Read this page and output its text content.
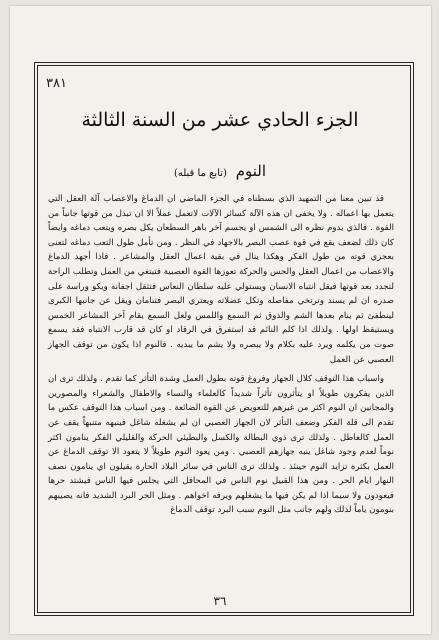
٣٨١
الجزء الحادي عشر من السنة الثالثة
النوم (تابع ما قبله)

قد تبين معنا من التمهيد الذي بسطناه في الجزء الماضي ان الدماغ والاعصاب آلة العقل التي يتعمل بها اعماله . ولا يخفى ان هذه الآلة كسائر الآلات لاتعمل عملاً الا ان تبذل من قوتها جانباً من القوة . فالذي يدوم نظره الى الشمس او يجسم آخر باهر السطعان يكل بصره ويتعب دماغه وايضاً كان ذلك لضعف يقع في قوة عصب البصر بالاجهاد في النظر . ومن تأمل طول التعب دماغه لتعنى بعجزي قوته من طول الفكر وهكذا ينال في بقية اعمال العقل والمشاعر . فاذا أجهد الدماغ والاعصاب من اعمال العقل والحس والحركة تعوزها القوة العصبية فتبتغي من العمل وتطلب الراحة لتجدد بعد قوتها فيقل انتباه الانسان ويستولي عليه سلطان النعاس فتثقل اجفانه ويكو وراسة على صدره ان لم يسند وترتخي مفاصله وتكل عضلاته ويعتري البصر فتنامان ويقل عن جانبها الكبرى لينطفئ ثم ينام بعدها الشم والذوق ثم السمع واللمس ولعل السمع يقام آخر المشاعر الخمس ويستيقظ اولها . ولذلك اذا كلم النائم قد استفرق في الرقاد او كان قد قارب الانتباه فقد يسمع صوت من يكلمه ويرد عليه بكلام ولا يبصره ولا يشم ما يبديه . فالنوم اذا يكون من توقف الجهاز العصبي عن العمل

واسباب هذا التوقف كلال الجهاز وفروغ قوته بطول العمل وشدة التأثر كما تقدم . ولذلك ترى ان الذين يفكرون طويلاً او يتأثرون تأثراً شديداً كالعلماء والنساء والاطفال والشعراء والمصورين والمجانين ان النوم اكثر من غيرهم للتعويض عن القوة الضائعة . ومن اسباب هذا التوقف عكس ما تقدم الى قلة الفكر وضعف التأثر لان الجهاز العصبي ان لم يشغله شاغل فينبهه متنبهاً يقف عن العمل كالعاطل . ولذلك ترى ذوي البطالة والكسل والبطيئي الحركة والقليلي الفكر ينامون اكثر نوماً لعدم وجود شاغل ينبه جهازهم العصبي . ومن يعود النوم طويلاً لا يتعود الا توقف الدماغ عن العمل بكثرة تزايد النوم حينئذ . ولذلك ترى الناس في سائر البلاد الحارة يقيلون اي ينامون نصف النهار ايام الحر . ومن هذا القبيل نوم الناس في المحافل التي يجلس فيها الناس فيشتد حرها فيعودون ولا سيما اذا لم يكن فيها ما يشغلهم ويرفه اخواهم . ومثل الحر البرد الشديد فانه يصيبهم بنومون ياماً لذلك ولهم جانب مثل النوم سبب البرد توقف الدماغ

٣٦
